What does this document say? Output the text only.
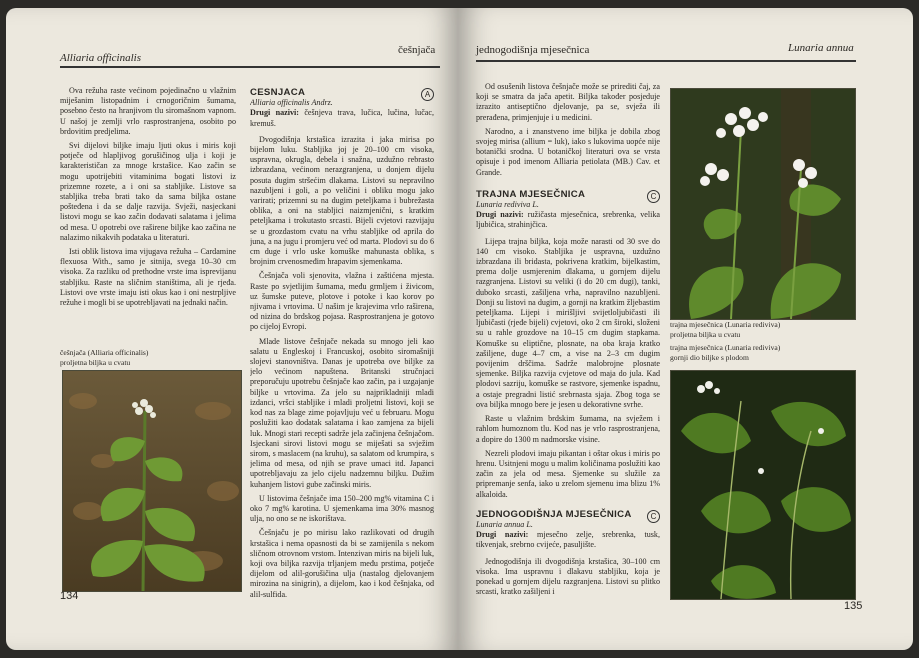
Alliaria officinalis
češnjača

Ova režuha raste većinom pojedinačno u vlažnim miješanim listopadnim i crnogoričnim šumama, posebno često na hranjivom tlu siromašnom vapnom. U našoj je zemlji vrlo rasprostranjena, osobito po brdovitim predjelima.

Svi dijelovi biljke imaju ljuti okus i miris koji potječe od hlapljivog gorušičinog ulja i koji je karakterističan za mnoge krstašice. Kao začin se mogu upotrijebiti vitaminima bogati listovi iz prizemne rozete, a i oni sa stabljike. Listove sa stabljika treba brati tako da sama biljka ostane pošteđena i da se dalje razvija. Svježi, nasjeckani listovi mogu se kao začin dodavati salatama i jelima od mesa. U opotrebi ove raširene biljke kao začina ne nalazimo nikakvih podataka u literaturi.

Isti oblik listova ima vijugava režuha – Cardamine flexuosa With., samo je sitnija, svega 10–30 cm visoka. Za razliku od prethodne vrste ima isprevijanu stabljiku. Raste na sličnim staništima, ali je rjeđa. Listovi ove vrste imaju isti okus kao i oni nestrpljive režuhe i mogli bi se upotrebljavati na jednaki način.

češnjača (Alliaria officinalis)
proljetna biljka u cvatu
134
ČEŠNJAČA	A
Alliaria officinalis Andrz.
Drugi nazivi: češnjeva trava, lučica, lučina, lučac, kremuš.

Dvogodišnja krstašica izrazita i jaka mirisa po bijelom luku. Stabljika joj je 20–100 cm visoka, uspravna, okrugla, debela i snažna, uzdužno rebrasto izbrazdana, većinom nerazgranjena, u donjem dijelu posuta dugim stršećim dlakama. Listovi su nepravilno nazubljeni i goli, a po veličini i obliku mogu jako varirati; prizemni su na dugim peteljkama i bubrežasta oblika, a oni na stabljici naizmjenični, s kratkim peteljkama i trokutasto srcasti. Bijeli cvjetovi razvijaju se u grozdastom cvatu na vrhu stabljike od aprila do juna, a na jugu i promjeru već od marta. Plodovi su do 6 cm duge i vrlo uske komuške mahunasta oblika, s brojnim crvenosmeđim hrapavim sjemenkama.

Češnjača voli sjenovita, vlažna i zaštićena mjesta. Raste po svjetlijim šumama, među grmljem i živicom, uz šumske puteve, plotove i potoke i kao korov po njivama i vrtovima. U našim je krajevima vrlo raširena, od nizina do brdskog pojasa. Rasprostranjena je gotovo po cijeloj Evropi.

Mlade listove češnjače nekada su mnogo jeli kao salatu u Engleskoj i Francuskoj, osobito siromašniji slojevi stanovništva. Danas je upotreba ove biljke za jelo većinom napuštena. Britanski stručnjaci preporučuju upotrebu češnjače kao začin, pa i uzgajanje biljke u vrtovima. Za jelo su najprikladniji mladi izdanci, vršci stabljike i mladi proljetni listovi, koji se kod nas za blage zime pojavljuju već u februaru. Mogu poslužiti kao dodatak salatama i kao zamjena za bijeli luk. Mnogi stari recepti sadrže jela začinjena češnjačom. Isjeckani sirovi listovi mogu se miješati sa svježim sirom, s maslacem (na kruhu), sa salatom od krumpira, s jelima od mesa, od njih se prave umaci itd. Japanci upotrebljavaju za jelo cijelu nadzemnu biljku. Dužim kuhanjem listovi gube začinski miris.

U listovima češnjače ima 150–200 mg% vitamina C i oko 7 mg% karotina. U sjemenkama ima 30% masnog ulja, no ono se ne iskorištava.

Češnjaču je po mirisu lako razlikovati od drugih krstašica i nema opasnosti da bi se zamijenila s nekom sličnom otrovnom vrstom. Intenzivan miris na bijeli luk, koji ova biljka razvija trljanjem među prstima, potječe dijelom od alil-gorušičina ulja (nastalog djelovanjem mirozina na sinigrin), a dijelom, kao i kod češnjaka, od alil-sulfida.

jednogodišnja mjesečnica	Lunaria annua

Od osušenih listova češnjače može se prirediti čaj, za koji se smatra da jača apetit. Biljka također posjeduje izrazito antiseptično djelovanje, pa se, svježa ili prerađena, primjenjuje i u medicini.

Narodno, a i znanstveno ime biljka je dobila zbog svojeg mirisa (allium = luk), iako s lukovima uopće nije botanički srodna. U botaničkoj literaturi ova se vrsta opisuje i pod imenom Alliaria petiolata (MB.) Cav. et Grande.

TRAJNA MJESEČNICA	C
Lunaria rediviva L.
Drugi nazivi: ružičasta mjesečnica, srebrenka, velika ljubičica, strahinjčica.

Lijepa trajna biljka, koja može narasti od 30 sve do 140 cm visoko. Stabljika je uspravna, uzdužno izbrazdana ili bridasta, pokrivena kratkim, bijelkastim, prema dolje usmjerenim dlakama, u gornjem dijelu razgranjena. Listovi su veliki (i do 20 cm dugi), tanki, duboko srcasti, zašiljena vrha, napravilno nazubljeni. Donji su listovi na dugim, a gornji na kratkim žljebastim peteljkama. Lijepi i mirišljivi svijetloljubičasti ili ljubičasti (rjeđe bijeli) cvjetovi, oko 2 cm široki, složeni su u rahle grozdove na 10–15 cm dugim stapkama. Komuške su eliptične, plosnate, na oba kraja kratko zašiljene, duge 4–7 cm, a vise na 2–3 cm dugim povijenim drščima. Sadrže malobrojne plosnate sjemenke. Biljka razvija cvjetove od maja do jula. Kad plodovi sazriju, komuške se rastvore, sjemenke ispadnu, a ostaje pregradni listić srebrnasta sjaja. Zbog toga se ova biljka mnogo bere je jesen u dekorativne svrhe.

Raste u vlažnim brdskim šumama, na svježem i rahlom humoznom tlu. Kod nas je vrlo rasprostranjena, a dopire do 1300 m nadmorske visine.

Nezreli plodovi imaju pikantan i oštar okus i miris po hrenu. Usitnjeni mogu u malim količinama poslužiti kao začin za jela od mesa. Sjemenke su služile za pripremanje senfa, iako u zrelom sjemenu ima blizu 1% alkaloida.

JEDNOGODIŠNJA MJESEČNICA	C
Lunaria annua L.
Drugi nazivi: mjesečno zelje, srebrenka, tusk, tikvenjak, srebrno cvijeće, pasuljište.

Jednogodišnja ili dvogodišnja krstašica, 30–100 cm visoka. Ima uspravnu i dlakavu stabljiku, koja je ponekad u gornjem dijelu razgranjena. Listovi su plitko srcasti, kratko zašiljeni i

trajna mjesečnica (Lunaria rediviva)
proljetna biljka u cvatu
trajna mjesečnica (Lunaria rediviva)
gornji dio biljke s plodom
135
